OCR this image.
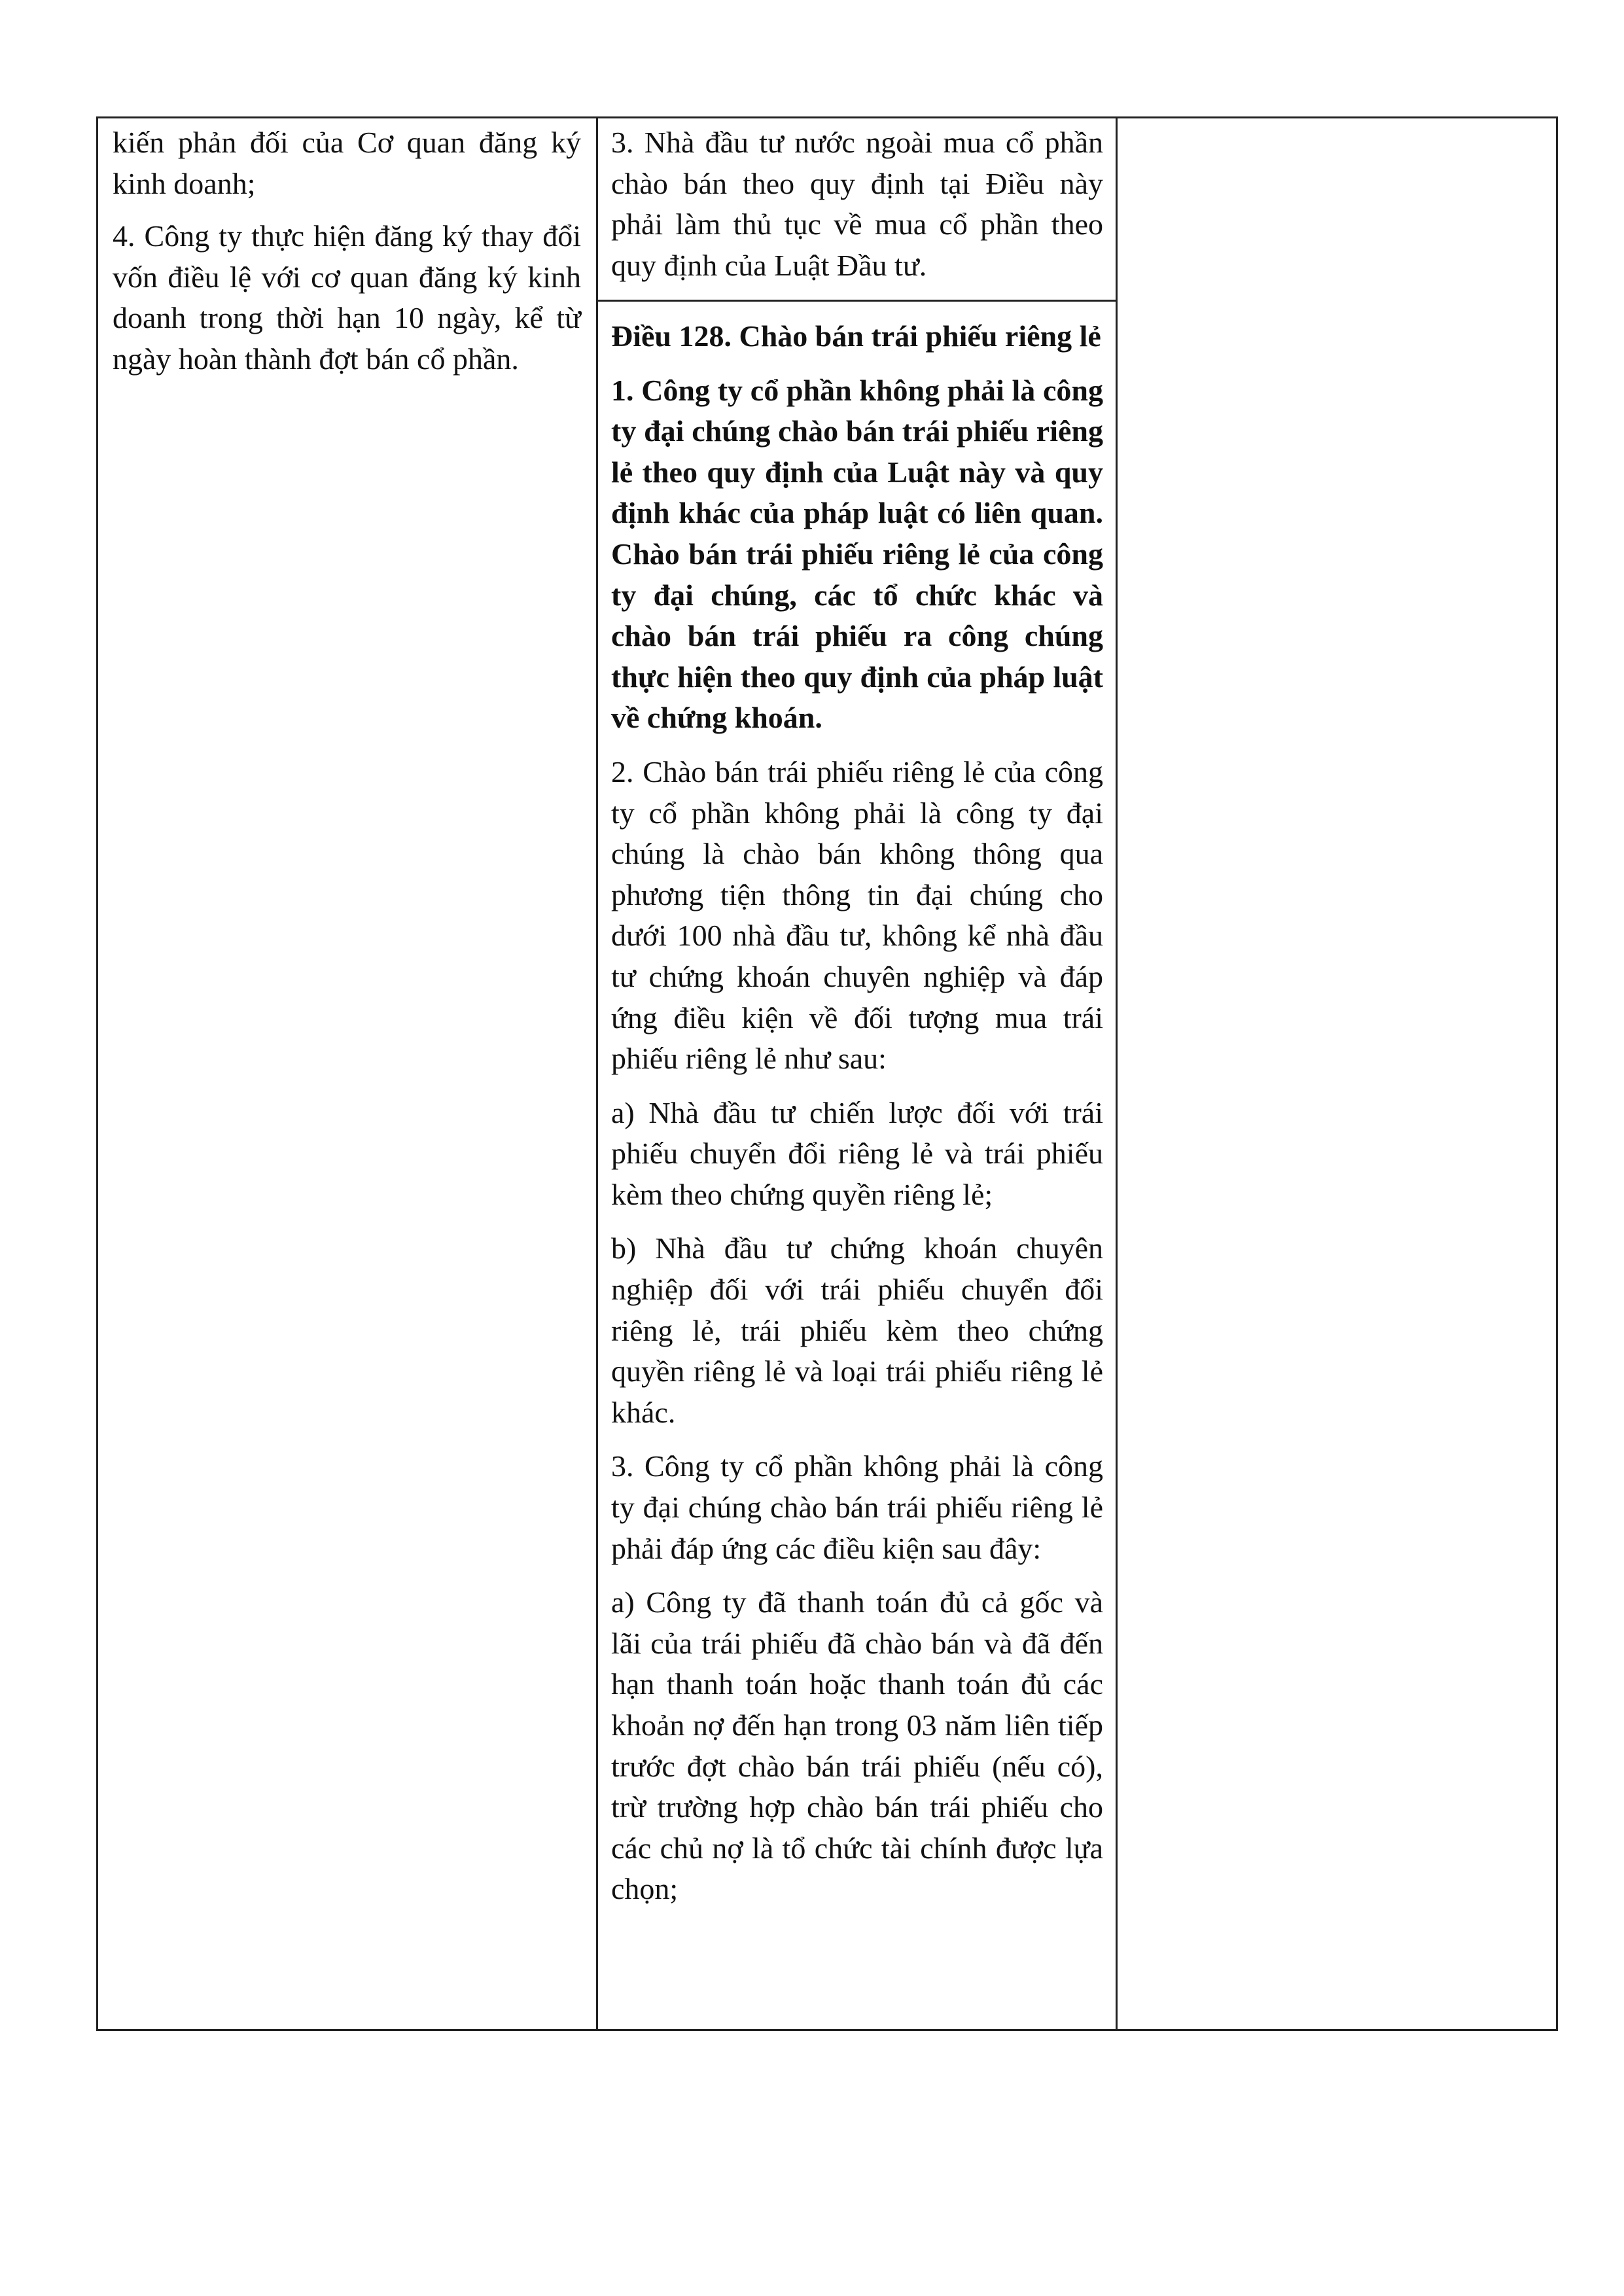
kiến phản đối của Cơ quan đăng ký kinh doanh;

4. Công ty thực hiện đăng ký thay đổi vốn điều lệ với cơ quan đăng ký kinh doanh trong thời hạn 10 ngày, kể từ ngày hoàn thành đợt bán cổ phần.

3. Nhà đầu tư nước ngoài mua cổ phần chào bán theo quy định tại Điều này phải làm thủ tục về mua cổ phần theo quy định của Luật Đầu tư.

Điều 128. Chào bán trái phiếu riêng lẻ

1. Công ty cổ phần không phải là công ty đại chúng chào bán trái phiếu riêng lẻ theo quy định của Luật này và quy định khác của pháp luật có liên quan. Chào bán trái phiếu riêng lẻ của công ty đại chúng, các tổ chức khác và chào bán trái phiếu ra công chúng thực hiện theo quy định của pháp luật về chứng khoán.

2. Chào bán trái phiếu riêng lẻ của công ty cổ phần không phải là công ty đại chúng là chào bán không thông qua phương tiện thông tin đại chúng cho dưới 100 nhà đầu tư, không kể nhà đầu tư chứng khoán chuyên nghiệp và đáp ứng điều kiện về đối tượng mua trái phiếu riêng lẻ như sau:

a) Nhà đầu tư chiến lược đối với trái phiếu chuyển đổi riêng lẻ và trái phiếu kèm theo chứng quyền riêng lẻ;

b) Nhà đầu tư chứng khoán chuyên nghiệp đối với trái phiếu chuyển đổi riêng lẻ, trái phiếu kèm theo chứng quyền riêng lẻ và loại trái phiếu riêng lẻ khác.

3. Công ty cổ phần không phải là công ty đại chúng chào bán trái phiếu riêng lẻ phải đáp ứng các điều kiện sau đây:

a) Công ty đã thanh toán đủ cả gốc và lãi của trái phiếu đã chào bán và đã đến hạn thanh toán hoặc thanh toán đủ các khoản nợ đến hạn trong 03 năm liên tiếp trước đợt chào bán trái phiếu (nếu có), trừ trường hợp chào bán trái phiếu cho các chủ nợ là tổ chức tài chính được lựa chọn;
